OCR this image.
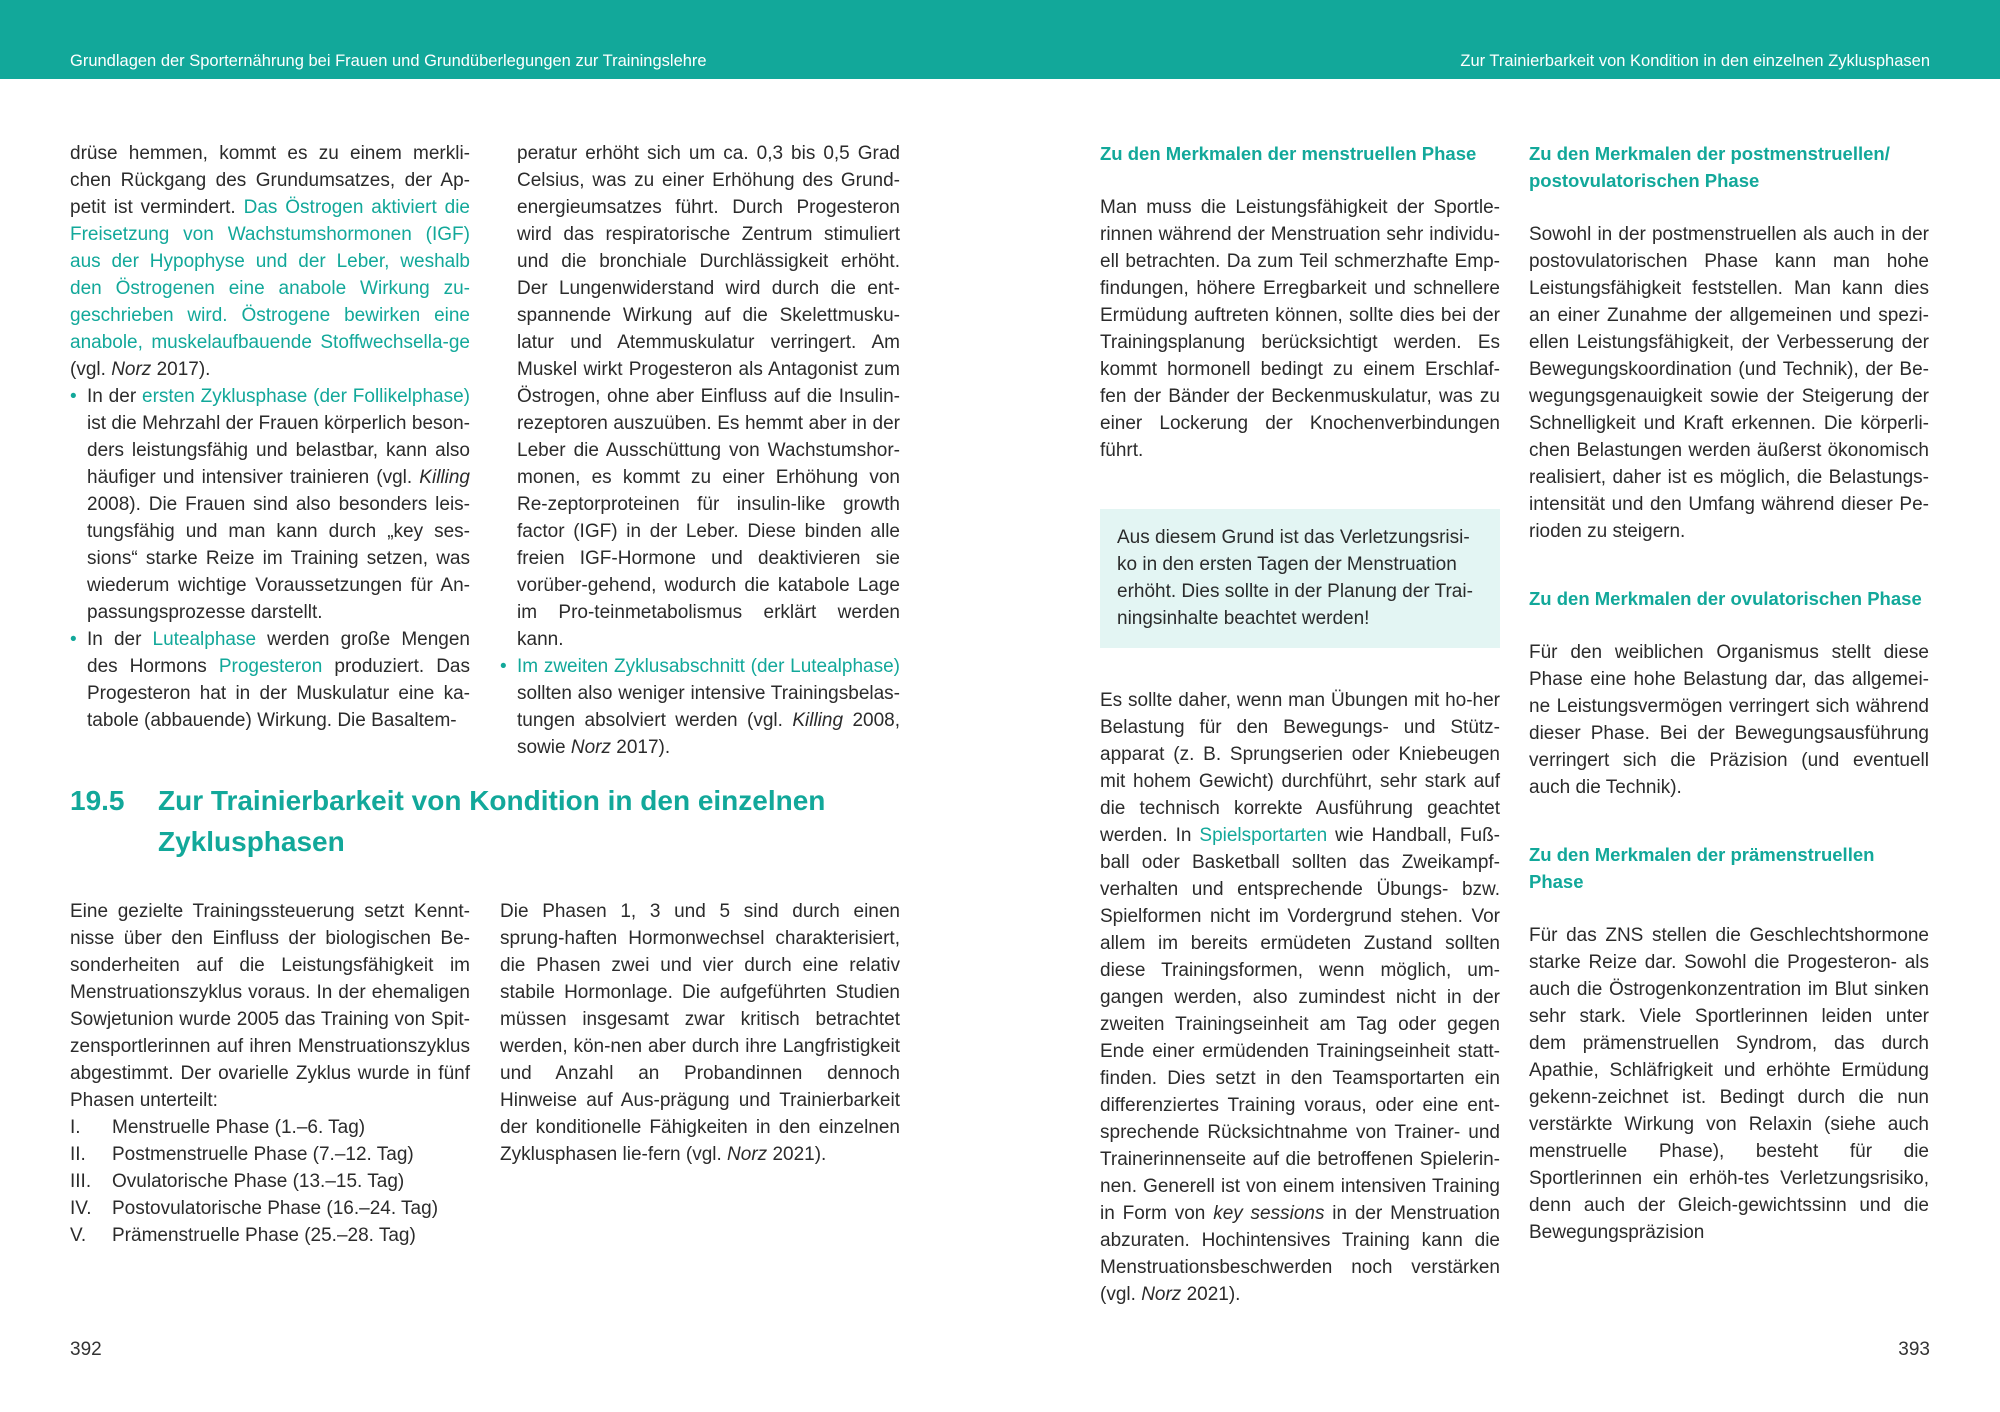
Grundlagen der Sporternährung bei Frauen und Grundüberlegungen zur Trainingslehre	Zur Trainierbarkeit von Kondition in den einzelnen Zyklusphasen

drüse hemmen, kommt es zu einem merkli-chen Rückgang des Grundumsatzes, der Ap-petit ist vermindert. Das Östrogen aktiviert die Freisetzung von Wachstumshormonen (IGF) aus der Hypophyse und der Leber, weshalb den Östrogenen eine anabole Wirkung zu-geschrieben wird. Östrogene bewirken eine anabole, muskelaufbauende Stoffwechsella-ge (vgl. Norz 2017).

• In der ersten Zyklusphase (der Follikelphase) ist die Mehrzahl der Frauen körperlich beson-ders leistungsfähig und belastbar, kann also häufiger und intensiver trainieren (vgl. Killing 2008). Die Frauen sind also besonders leis-tungsfähig und man kann durch „key ses-sions“ starke Reize im Training setzen, was wiederum wichtige Voraussetzungen für An-passungsprozesse darstellt.
• In der Lutealphase werden große Mengen des Hormons Progesteron produziert. Das Progesteron hat in der Muskulatur eine ka-tabole (abbauende) Wirkung. Die Basaltem-

peratur erhöht sich um ca. 0,3 bis 0,5 Grad Celsius, was zu einer Erhöhung des Grund-energieumsatzes führt. Durch Progesteron wird das respiratorische Zentrum stimuliert und die bronchiale Durchlässigkeit erhöht. Der Lungenwiderstand wird durch die ent-spannende Wirkung auf die Skelettmusku-latur und Atemmuskulatur verringert. Am Muskel wirkt Progesteron als Antagonist zum Östrogen, ohne aber Einfluss auf die Insulin-rezeptoren auszuüben. Es hemmt aber in der Leber die Ausschüttung von Wachstumshor-monen, es kommt zu einer Erhöhung von Re-zeptorproteinen für insulin-like growth factor (IGF) in der Leber. Diese binden alle freien IGF-Hormone und deaktivieren sie vorüber-gehend, wodurch die katabole Lage im Pro-teinmetabolismus erklärt werden kann.

• Im zweiten Zyklusabschnitt (der Lutealphase) sollten also weniger intensive Trainingsbelas-tungen absolviert werden (vgl. Killing 2008, sowie Norz 2017).
19.5 Zur Trainierbarkeit von Kondition in den einzelnen Zyklusphasen

Eine gezielte Trainingssteuerung setzt Kennt-nisse über den Einfluss der biologischen Be-sonderheiten auf die Leistungsfähigkeit im Menstruationszyklus voraus. In der ehemaligen Sowjetunion wurde 2005 das Training von Spit-zensportlerinnen auf ihren Menstruationszyklus abgestimmt. Der ovarielle Zyklus wurde in fünf Phasen unterteilt:

I. Menstruelle Phase (1.–6. Tag)
II. Postmenstruelle Phase (7.–12. Tag)
III. Ovulatorische Phase (13.–15. Tag)
IV. Postovulatorische Phase (16.–24. Tag)
V. Prämenstruelle Phase (25.–28. Tag)

Die Phasen 1, 3 und 5 sind durch einen sprung-haften Hormonwechsel charakterisiert, die Phasen zwei und vier durch eine relativ stabile Hormonlage. Die aufgeführten Studien müssen insgesamt zwar kritisch betrachtet werden, kön-nen aber durch ihre Langfristigkeit und Anzahl an Probandinnen dennoch Hinweise auf Aus-prägung und Trainierbarkeit der konditionelle Fähigkeiten in den einzelnen Zyklusphasen lie-fern (vgl. Norz 2021).

Zu den Merkmalen der menstruellen Phase

Man muss die Leistungsfähigkeit der Sportle-rinnen während der Menstruation sehr individu-ell betrachten. Da zum Teil schmerzhafte Emp-findungen, höhere Erregbarkeit und schnellere Ermüdung auftreten können, sollte dies bei der Trainingsplanung berücksichtigt werden. Es kommt hormonell bedingt zu einem Erschlaf-fen der Bänder der Beckenmuskulatur, was zu einer Lockerung der Knochenverbindungen führt.

Aus diesem Grund ist das Verletzungsrisi-ko in den ersten Tagen der Menstruation erhöht. Dies sollte in der Planung der Trai-ningsinhalte beachtet werden!

Es sollte daher, wenn man Übungen mit ho-her Belastung für den Bewegungs- und Stütz-apparat (z. B. Sprungserien oder Kniebeugen mit hohem Gewicht) durchführt, sehr stark auf die technisch korrekte Ausführung geachtet werden. In Spielsportarten wie Handball, Fuß-ball oder Basketball sollten das Zweikampf-verhalten und entsprechende Übungs- bzw. Spielformen nicht im Vordergrund stehen. Vor allem im bereits ermüdeten Zustand sollten diese Trainingsformen, wenn möglich, um-gangen werden, also zumindest nicht in der zweiten Trainingseinheit am Tag oder gegen Ende einer ermüdenden Trainingseinheit statt-finden. Dies setzt in den Teamsportarten ein differenziertes Training voraus, oder eine ent-sprechende Rücksichtnahme von Trainer- und Trainerinnenseite auf die betroffenen Spielerin-nen. Generell ist von einem intensiven Training in Form von key sessions in der Menstruation abzuraten. Hochintensives Training kann die Menstruationsbeschwerden noch verstärken (vgl. Norz 2021).

Zu den Merkmalen der postmenstruellen/ postovulatorischen Phase

Sowohl in der postmenstruellen als auch in der postovulatorischen Phase kann man hohe Leistungsfähigkeit feststellen. Man kann dies an einer Zunahme der allgemeinen und spezi-ellen Leistungsfähigkeit, der Verbesserung der Bewegungskoordination (und Technik), der Be-wegungsgenauigkeit sowie der Steigerung der Schnelligkeit und Kraft erkennen. Die körperli-chen Belastungen werden äußerst ökonomisch realisiert, daher ist es möglich, die Belastungs-intensität und den Umfang während dieser Pe-rioden zu steigern.

Zu den Merkmalen der ovulatorischen Phase

Für den weiblichen Organismus stellt diese Phase eine hohe Belastung dar, das allgemei-ne Leistungsvermögen verringert sich während dieser Phase. Bei der Bewegungsausführung verringert sich die Präzision (und eventuell auch die Technik).

Zu den Merkmalen der prämenstruellen Phase

Für das ZNS stellen die Geschlechtshormone starke Reize dar. Sowohl die Progesteron- als auch die Östrogenkonzentration im Blut sinken sehr stark. Viele Sportlerinnen leiden unter dem prämenstruellen Syndrom, das durch Apathie, Schläfrigkeit und erhöhte Ermüdung gekenn-zeichnet ist. Bedingt durch die nun verstärkte Wirkung von Relaxin (siehe auch menstruelle Phase), besteht für die Sportlerinnen ein erhöh-tes Verletzungsrisiko, denn auch der Gleich-gewichtssinn und die Bewegungspräzision

392	393
